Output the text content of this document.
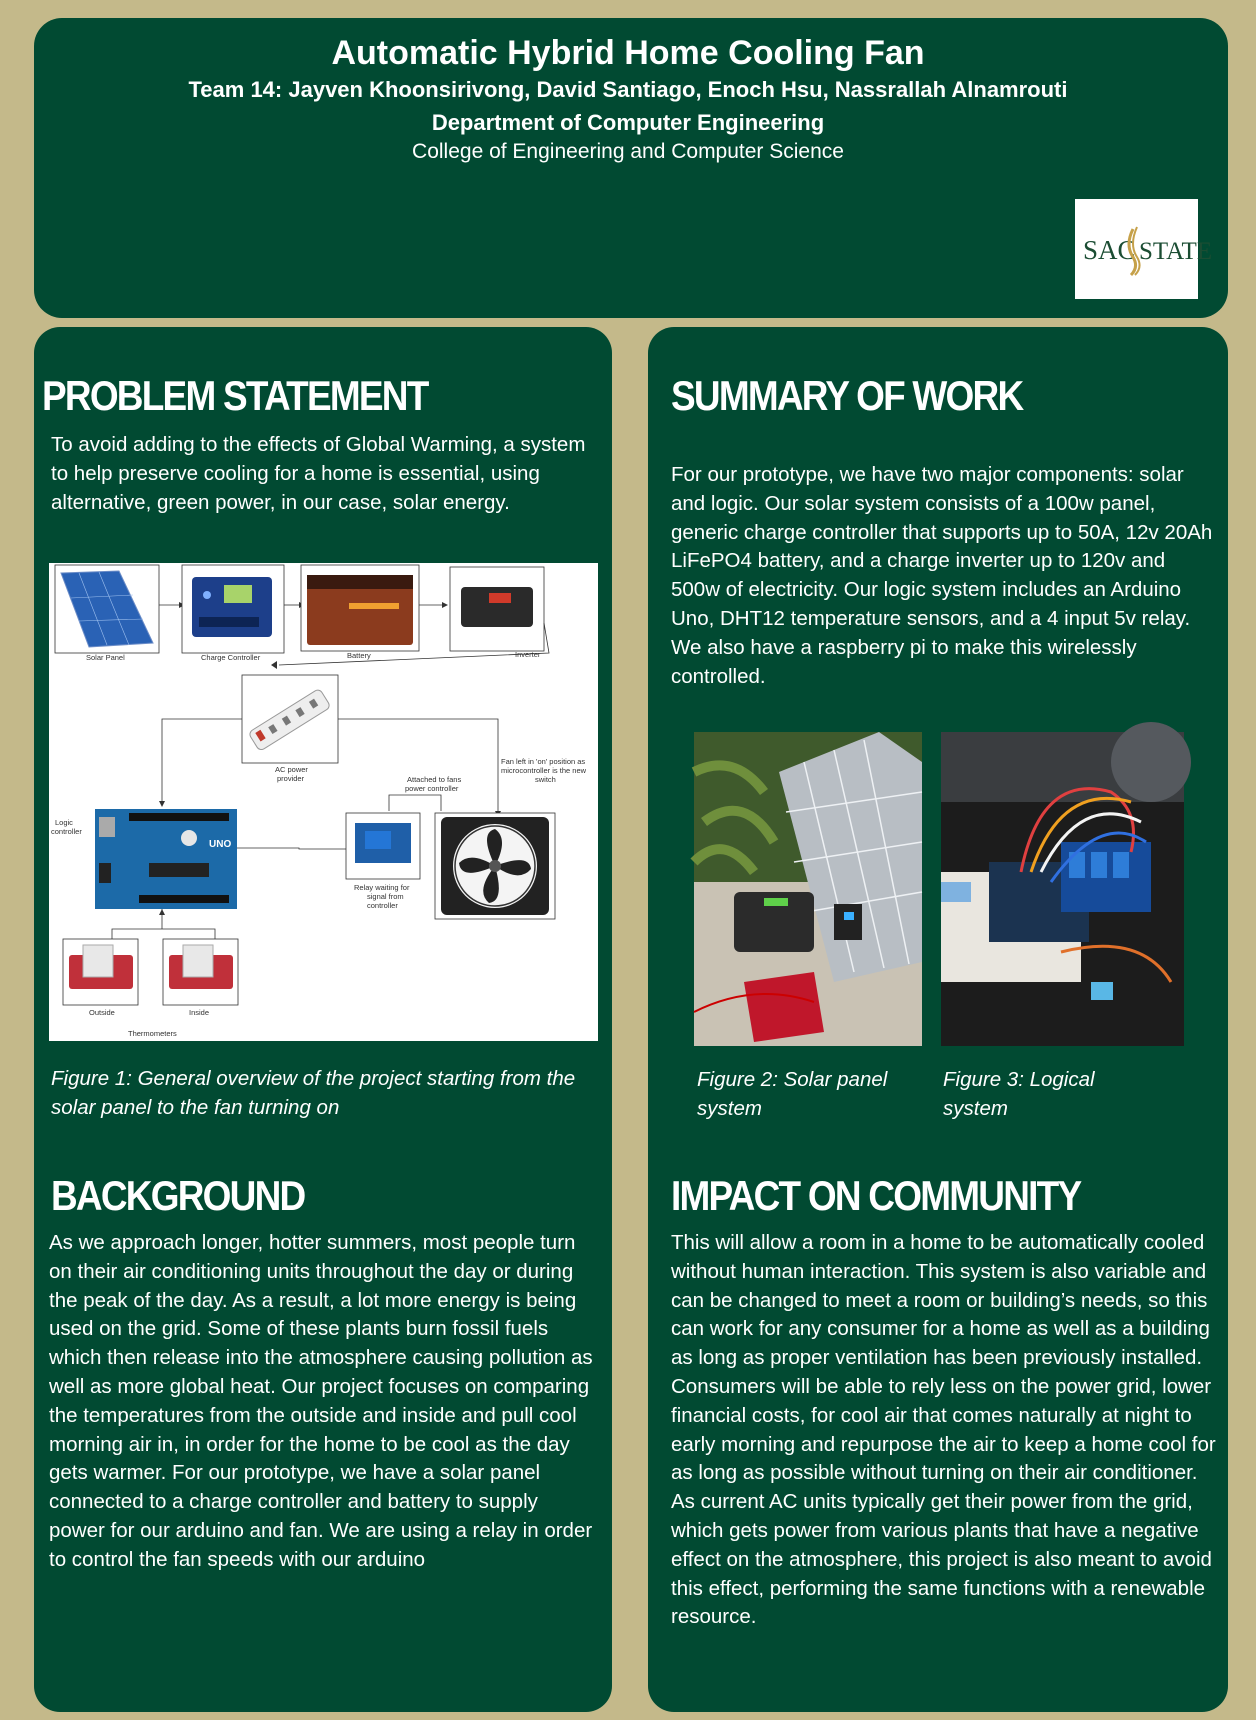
Automatic Hybrid Home Cooling Fan
Team 14: Jayven Khoonsirivong, David Santiago, Enoch Hsu, Nassrallah Alnamrouti
Department of Computer Engineering
College of Engineering and Computer Science
SAC STATE
PROBLEM STATEMENT
To avoid adding to the effects of Global Warming, a system to help preserve cooling for a home is essential, using alternative, green power, in our case, solar energy.
Solar Panel	Charge Controller	Battery	Inverter
AC power
provider
Fan left in 'on' position as
microcontroller is the new
switch
Attached to fans
power controller
UNO
Logic
controller
Relay waiting for
signal from
controller
Outside	Inside
Thermometers
Figure 1: General overview of the project starting from the solar panel to the fan turning on
BACKGROUND
As we approach longer, hotter summers, most people turn on their air conditioning units throughout the day or during the peak of the day. As a result, a lot more energy is being used on the grid. Some of these plants burn fossil fuels which then release into the atmosphere causing pollution as well as more global heat. Our project focuses on comparing the temperatures from the outside and inside and pull cool morning air in, in order for the home to be cool as the day gets warmer. For our prototype, we have a solar panel connected to a charge controller and battery to supply power for our arduino and fan. We are using a relay in order to control the fan speeds with our arduino
SUMMARY OF WORK
For our prototype, we have two major components: solar and logic. Our solar system consists of a 100w panel, generic charge controller that supports up to 50A, 12v 20Ah LiFePO4 battery, and a charge inverter up to 120v and 500w of electricity. Our logic system includes an Arduino Uno, DHT12 temperature sensors, and a 4 input 5v relay. We also have a raspberry pi to make this wirelessly controlled.
Figure 2: Solar panel system
Figure 3: Logical system
IMPACT ON COMMUNITY
This will allow a room in a home to be automatically cooled without human interaction. This system is also variable and can be changed to meet a room or building’s needs, so this can work for any consumer for a home as well as a building as long as proper ventilation has been previously installed. Consumers will be able to rely less on the power grid, lower financial costs, for cool air that comes naturally at night to early morning and repurpose the air to keep a home cool for as long as possible without turning on their air conditioner. As current AC units typically get their power from the grid, which gets power from various plants that have a negative effect on the atmosphere, this project is also meant to avoid this effect, performing the same functions with a renewable resource.
